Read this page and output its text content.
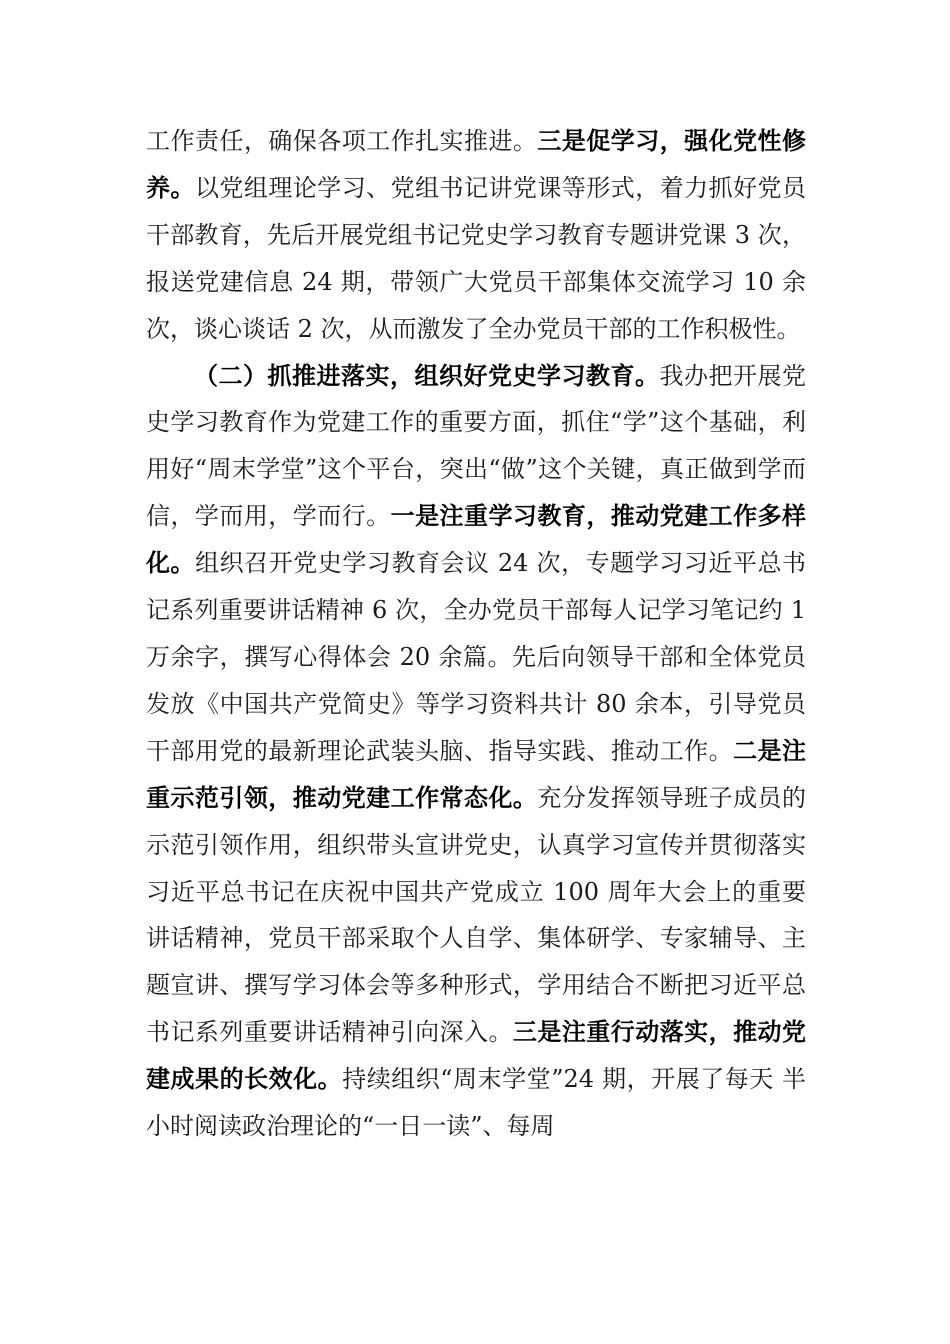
工作责任，确保各项工作扎实推进。三是促学习，强化党性修养。以党组理论学习、党组书记讲党课等形式，着力抓好党员干部教育，先后开展党组书记党史学习教育专题讲党课 3 次，报送党建信息 24 期，带领广大党员干部集体交流学习 10 余次，谈心谈话 2 次，从而激发了全办党员干部的工作积极性。

（二）抓推进落实，组织好党史学习教育。我办把开展党史学习教育作为党建工作的重要方面，抓住“学”这个基础，利用好“周末学堂”这个平台，突出“做”这个关键，真正做到学而信，学而用，学而行。一是注重学习教育，推动党建工作多样化。组织召开党史学习教育会议 24 次，专题学习习近平总书记系列重要讲话精神 6 次，全办党员干部每人记学习笔记约 1 万余字，撰写心得体会 20 余篇。先后向领导干部和全体党员发放《中国共产党简史》等学习资料共计 80 余本，引导党员干部用党的最新理论武装头脑、指导实践、推动工作。二是注重示范引领，推动党建工作常态化。充分发挥领导班子成员的示范引领作用，组织带头宣讲党史，认真学习宣传并贯彻落实习近平总书记在庆祝中国共产党成立 100 周年大会上的重要讲话精神，党员干部采取个人自学、集体研学、专家辅导、主题宣讲、撰写学习体会等多种形式，学用结合不断把习近平总书记系列重要讲话精神引向深入。三是注重行动落实，推动党建成果的长效化。持续组织“周末学堂”24 期，开展了每天 半小时阅读政治理论的“一日一读”、每周
